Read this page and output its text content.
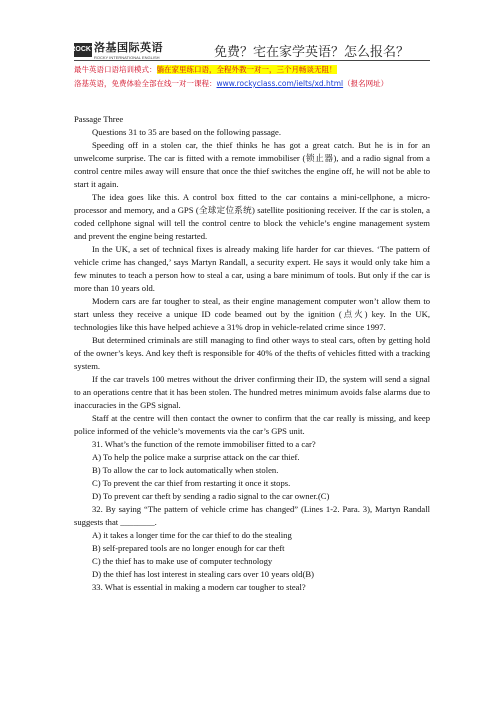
ROCKY
洛基国际英语
ROCKY INTERNATIONAL ENGLISH	免费？宅在家学英语？怎么报名？
最牛英语口语培训模式：躺在家里练口语，全程外教一对一，三个月畅谈无阻！
洛基英语，免费体验全部在线一对一课程：www.rockyclass.com/ielts/xd.html（报名网址）

Passage Three

Questions 31 to 35 are based on the following passage.

Speeding off in a stolen car, the thief thinks he has got a great catch. But he is in for an unwelcome surprise. The car is fitted with a remote immobiliser (锁止器), and a radio signal from a control centre miles away will ensure that once the thief switches the engine off, he will not be able to start it again.

The idea goes like this. A control box fitted to the car contains a mini-cellphone, a micro-processor and memory, and a GPS (全球定位系统) satellite positioning receiver. If the car is stolen, a coded cellphone signal will tell the control centre to block the vehicle’s engine management system and prevent the engine being restarted.

In the UK, a set of technical fixes is already making life harder for car thieves. ‘The pattern of vehicle crime has changed,’ says Martyn Randall, a security expert. He says it would only take him a few minutes to teach a person how to steal a car, using a bare minimum of tools. But only if the car is more than 10 years old.

Modern cars are far tougher to steal, as their engine management computer won’t allow them to start unless they receive a unique ID code beamed out by the ignition (点火) key. In the UK, technologies like this have helped achieve a 31% drop in vehicle-related crime since 1997.

But determined criminals are still managing to find other ways to steal cars, often by getting hold of the owner’s keys. And key theft is responsible for 40% of the thefts of vehicles fitted with a tracking system.

If the car travels 100 metres without the driver confirming their ID, the system will send a signal to an operations centre that it has been stolen. The hundred metres minimum avoids false alarms due to inaccuracies in the GPS signal.

Staff at the centre will then contact the owner to confirm that the car really is missing, and keep police informed of the vehicle’s movements via the car’s GPS unit.

31. What’s the function of the remote immobiliser fitted to a car?

A) To help the police make a surprise attack on the car thief.

B) To allow the car to lock automatically when stolen.

C) To prevent the car thief from restarting it once it stops.

D) To prevent car theft by sending a radio signal to the car owner.(C)

32. By saying “The pattern of vehicle crime has changed” (Lines 1-2. Para. 3), Martyn Randall suggests that ________.

A) it takes a longer time for the car thief to do the stealing

B) self-prepared tools are no longer enough for car theft

C) the thief has to make use of computer technology

D) the thief has lost interest in stealing cars over 10 years old(B)

33. What is essential in making a modern car tougher to steal?
